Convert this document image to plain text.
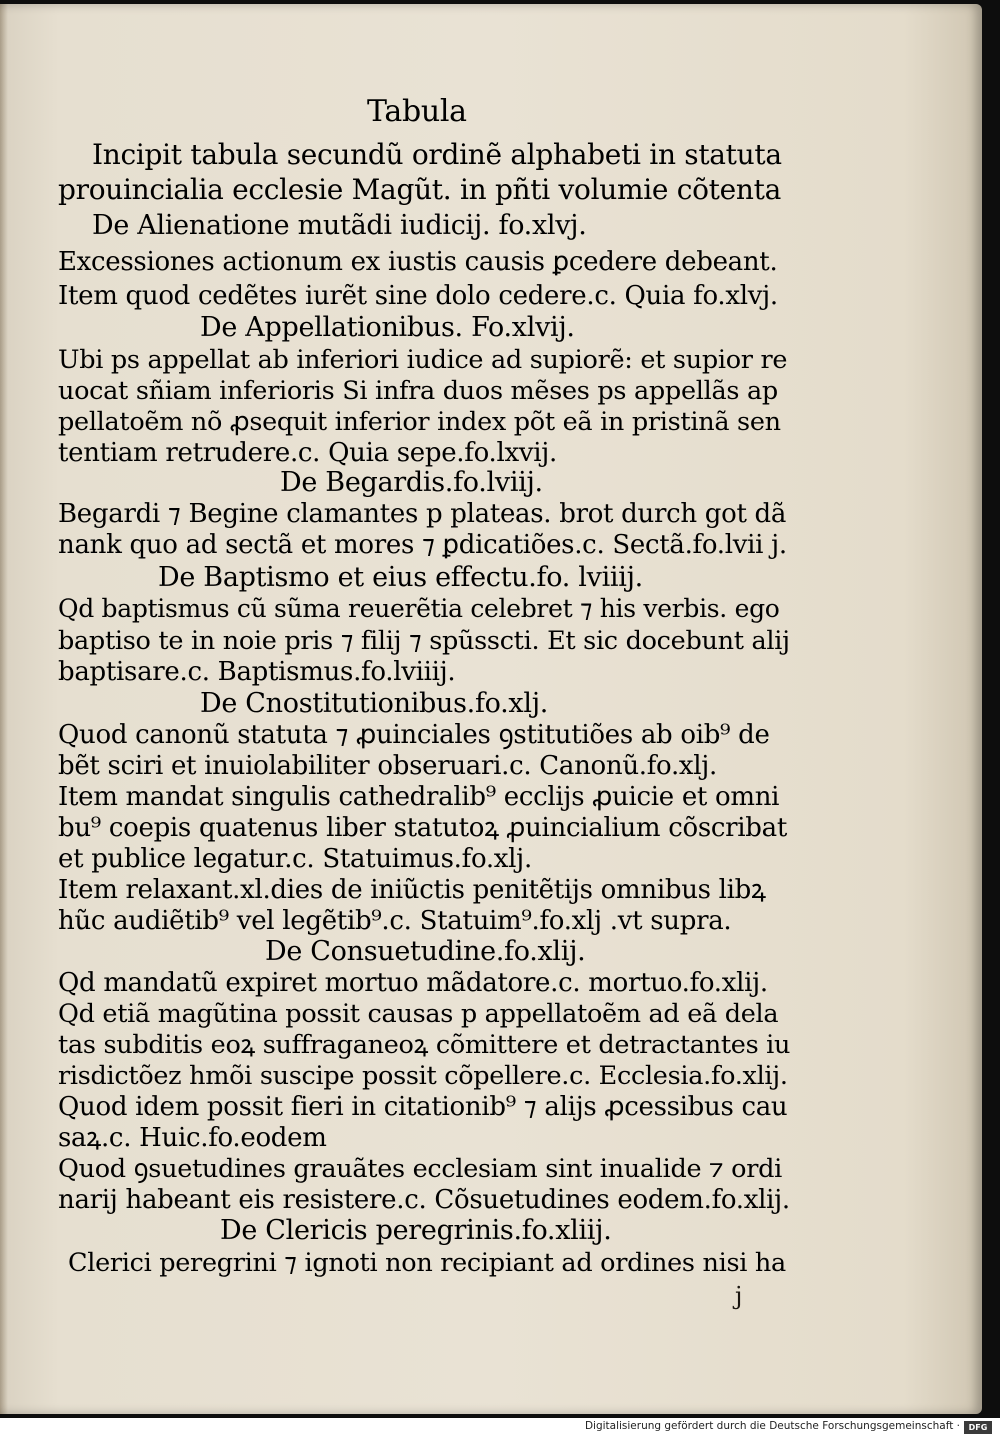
Tabula
Incipit tabula secundũ ordinẽ alphabeti in statuta
prouincialia ecclesie Magũt. in pñti volumie cõtenta
De Alienatione mutãdi iudicij. fo.xlvj.
Excessiones actionum ex iustis causis ꝑcedere debeant.
Item quod cedẽtes iurẽt sine dolo cedere.c. Quia fo.xlvj.
De Appellationibus. Fo.xlvij.
Ubi ps appellat ab inferiori iudice ad supiorẽ: et supior re
uocat sñiam inferioris Si infra duos mẽses ps appellãs ap
pellatoẽm nõ ꝓsequit inferior index põt eã in pristinã sen
tentiam retrudere.c. Quia sepe.fo.lxvij.
De Begardis.fo.lviij.
Begardi ⁊ Begine clamantes p plateas. brot durch got dã
nank quo ad sectã et mores ⁊ ꝑdicatiões.c. Sectã.fo.lvii j.
De Baptismo et eius effectu.fo. lviiij.
Qd baptismus cũ sũma reuerẽtia celebret ⁊ his verbis. ego
baptiso te in noie pris ⁊ filij ⁊ spũsscti. Et sic docebunt alij
baptisare.c. Baptismus.fo.lviiij.
De Cnostitutionibus.fo.xlj.
Quod canonũ statuta ⁊ ꝓuinciales ꝯstitutiões ab oib⁹ de
bẽt sciri et inuiolabiliter obseruari.c. Canonũ.fo.xlj.
Item mandat singulis cathedralib⁹ ecclijs ꝓuicie et omni
bu⁹ coepis quatenus liber statutoꝝ ꝓuincialium cõscribat
et publice legatur.c. Statuimus.fo.xlj.
Item relaxant.xl.dies de iniũctis penitẽtijs omnibus libꝝ
hũc audiẽtib⁹ vel legẽtib⁹.c. Statuim⁹.fo.xlj .vt supra.
De Consuetudine.fo.xlij.
Qd mandatũ expiret mortuo mãdatore.c. mortuo.fo.xlij.
Qd etiã magũtina possit causas p appellatoẽm ad eã dela
tas subditis eoꝝ suffraganeoꝝ cõmittere et detractantes iu
risdictõez hmõi suscipe possit cõpellere.c. Ecclesia.fo.xlij.
Quod idem possit fieri in citationib⁹ ⁊ alijs ꝓcessibus cau
saꝝ.c. Huic.fo.eodem
Quod ꝯsuetudines grauãtes ecclesiam sint inualide ⁊ ordi
narij habeant eis resistere.c. Cõsuetudines eodem.fo.xlij.
De Clericis peregrinis.fo.xliij.
Clerici peregrini ⁊ ignoti non recipiant ad ordines nisi ha
j
Digitalisierung gefördert durch die Deutsche Forschungsgemeinschaft ·	DFG
